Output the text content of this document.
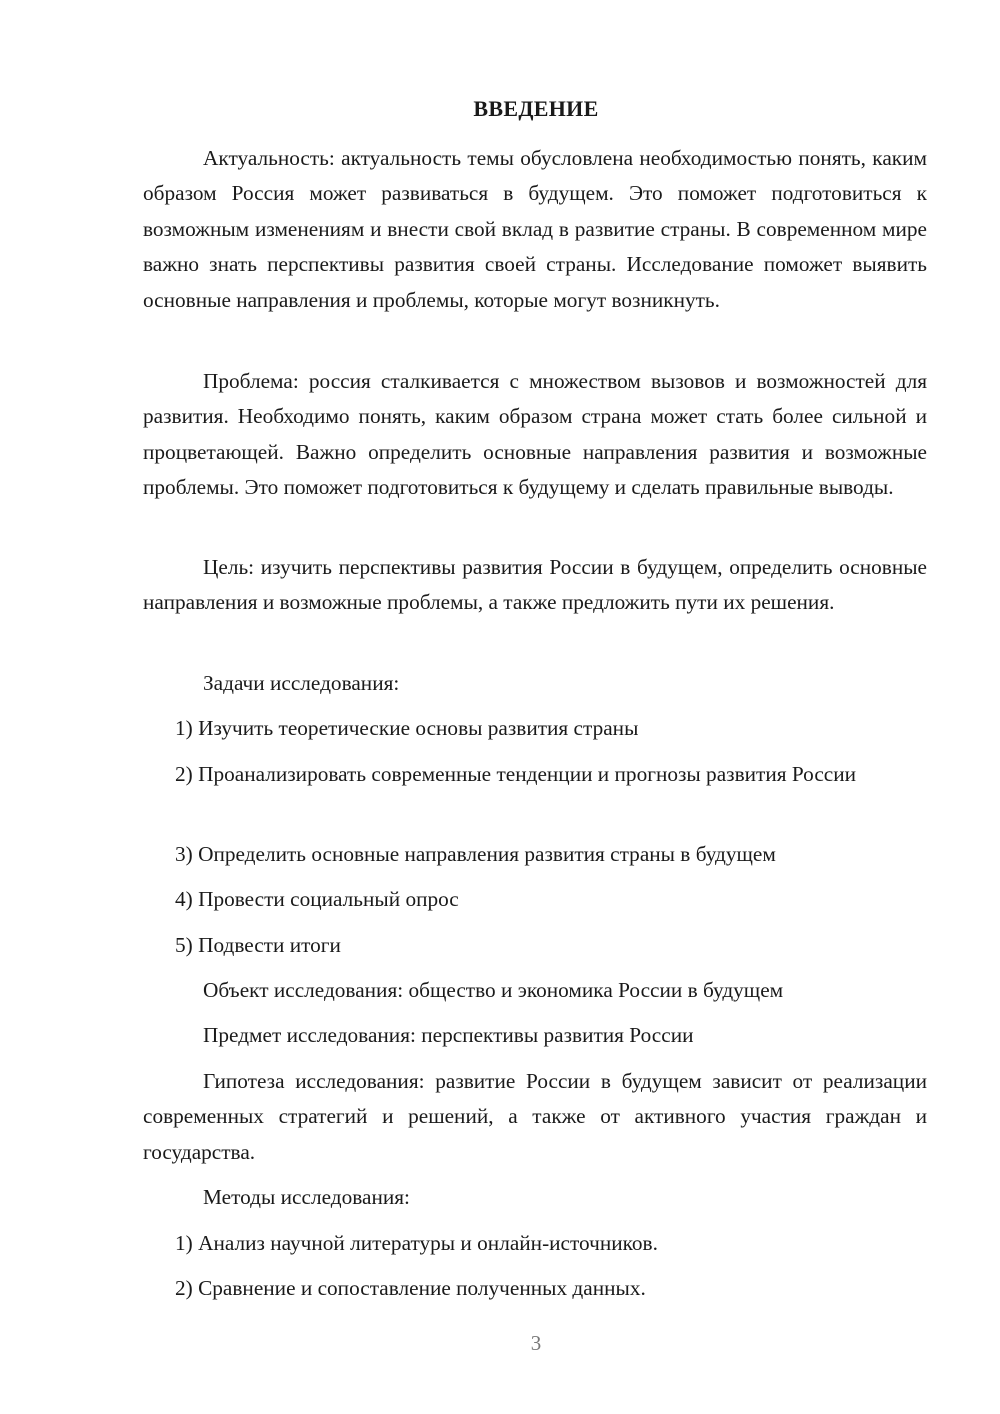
ВВЕДЕНИЕ

Актуальность: актуальность темы обусловлена необходимостью понять, каким образом Россия может развиваться в будущем. Это поможет подготовиться к возможным изменениям и внести свой вклад в развитие страны. В современном мире важно знать перспективы развития своей страны. Исследование поможет выявить основные направления и проблемы, которые могут возникнуть.

Проблема: россия сталкивается с множеством вызовов и возможностей для развития. Необходимо понять, каким образом страна может стать более сильной и процветающей. Важно определить основные направления развития и возможные проблемы. Это поможет подготовиться к будущему и сделать правильные выводы.

Цель: изучить перспективы развития России в будущем, определить основные направления и возможные проблемы, а также предложить пути их решения.

Задачи исследования:

1) Изучить теоретические основы развития страны

2) Проанализировать современные тенденции и прогнозы развития России

3) Определить основные направления развития страны в будущем

4) Провести социальный опрос

5) Подвести итоги

Объект исследования: общество и экономика России в будущем

Предмет исследования: перспективы развития России

Гипотеза исследования: развитие России в будущем зависит от реализации современных стратегий и решений, а также от активного участия граждан и государства.

Методы исследования:

1) Анализ научной литературы и онлайн-источников.

2) Сравнение и сопоставление полученных данных.

3
